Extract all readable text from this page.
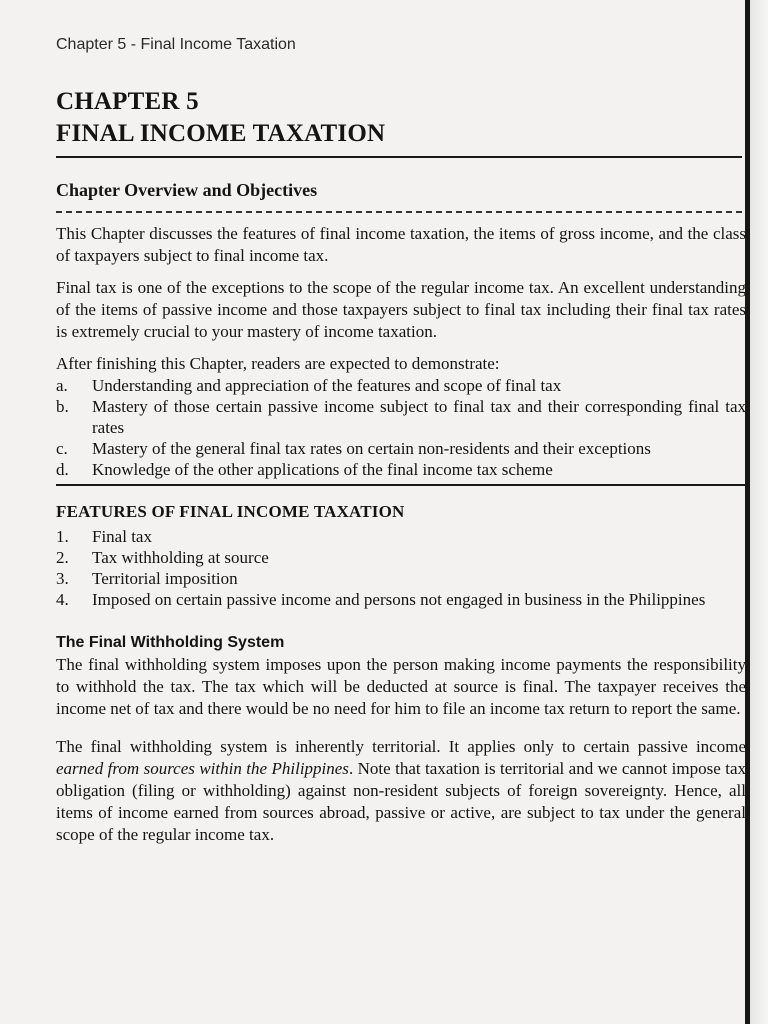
Chapter 5 - Final Income Taxation
CHAPTER 5
FINAL INCOME TAXATION
Chapter Overview and Objectives

This Chapter discusses the features of final income taxation, the items of gross income, and the class of taxpayers subject to final income tax.

Final tax is one of the exceptions to the scope of the regular income tax. An excellent understanding of the items of passive income and those taxpayers subject to final tax including their final tax rates is extremely crucial to your mastery of income taxation.

After finishing this Chapter, readers are expected to demonstrate:

a. Understanding and appreciation of the features and scope of final tax
b. Mastery of those certain passive income subject to final tax and their corresponding final tax rates
c. Mastery of the general final tax rates on certain non-residents and their exceptions
d. Knowledge of the other applications of the final income tax scheme
FEATURES OF FINAL INCOME TAXATION
1. Final tax
2. Tax withholding at source
3. Territorial imposition
4. Imposed on certain passive income and persons not engaged in business in the Philippines
The Final Withholding System

The final withholding system imposes upon the person making income payments the responsibility to withhold the tax. The tax which will be deducted at source is final. The taxpayer receives the income net of tax and there would be no need for him to file an income tax return to report the same.

The final withholding system is inherently territorial. It applies only to certain passive income earned from sources within the Philippines. Note that taxation is territorial and we cannot impose tax obligation (filing or withholding) against non-resident subjects of foreign sovereignty. Hence, all items of income earned from sources abroad, passive or active, are subject to tax under the general scope of the regular income tax.
